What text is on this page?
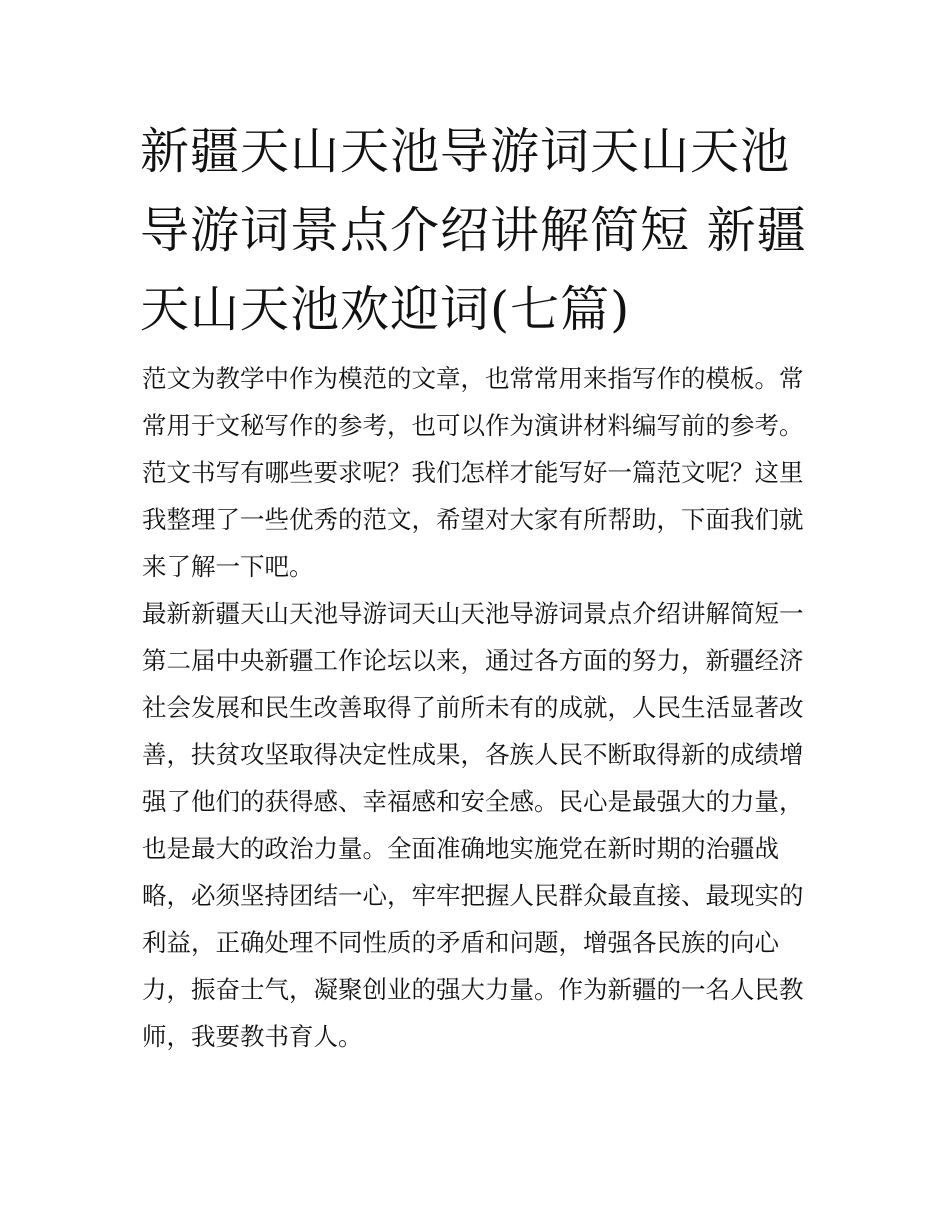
新疆天山天池导游词天山天池
导游词景点介绍讲解简短 新疆
天山天池欢迎词(七篇)
范文为教学中作为模范的文章，也常常用来指写作的模板。常
常用于文秘写作的参考，也可以作为演讲材料编写前的参考。
范文书写有哪些要求呢？我们怎样才能写好一篇范文呢？这里
我整理了一些优秀的范文，希望对大家有所帮助，下面我们就
来了解一下吧。
最新新疆天山天池导游词天山天池导游词景点介绍讲解简短一
第二届中央新疆工作论坛以来，通过各方面的努力，新疆经济
社会发展和民生改善取得了前所未有的成就，人民生活显著改
善，扶贫攻坚取得决定性成果，各族人民不断取得新的成绩增
强了他们的获得感、幸福感和安全感。民心是最强大的力量，
也是最大的政治力量。全面准确地实施党在新时期的治疆战
略，必须坚持团结一心，牢牢把握人民群众最直接、最现实的
利益，正确处理不同性质的矛盾和问题，增强各民族的向心
力，振奋士气，凝聚创业的强大力量。作为新疆的一名人民教
师，我要教书育人。
